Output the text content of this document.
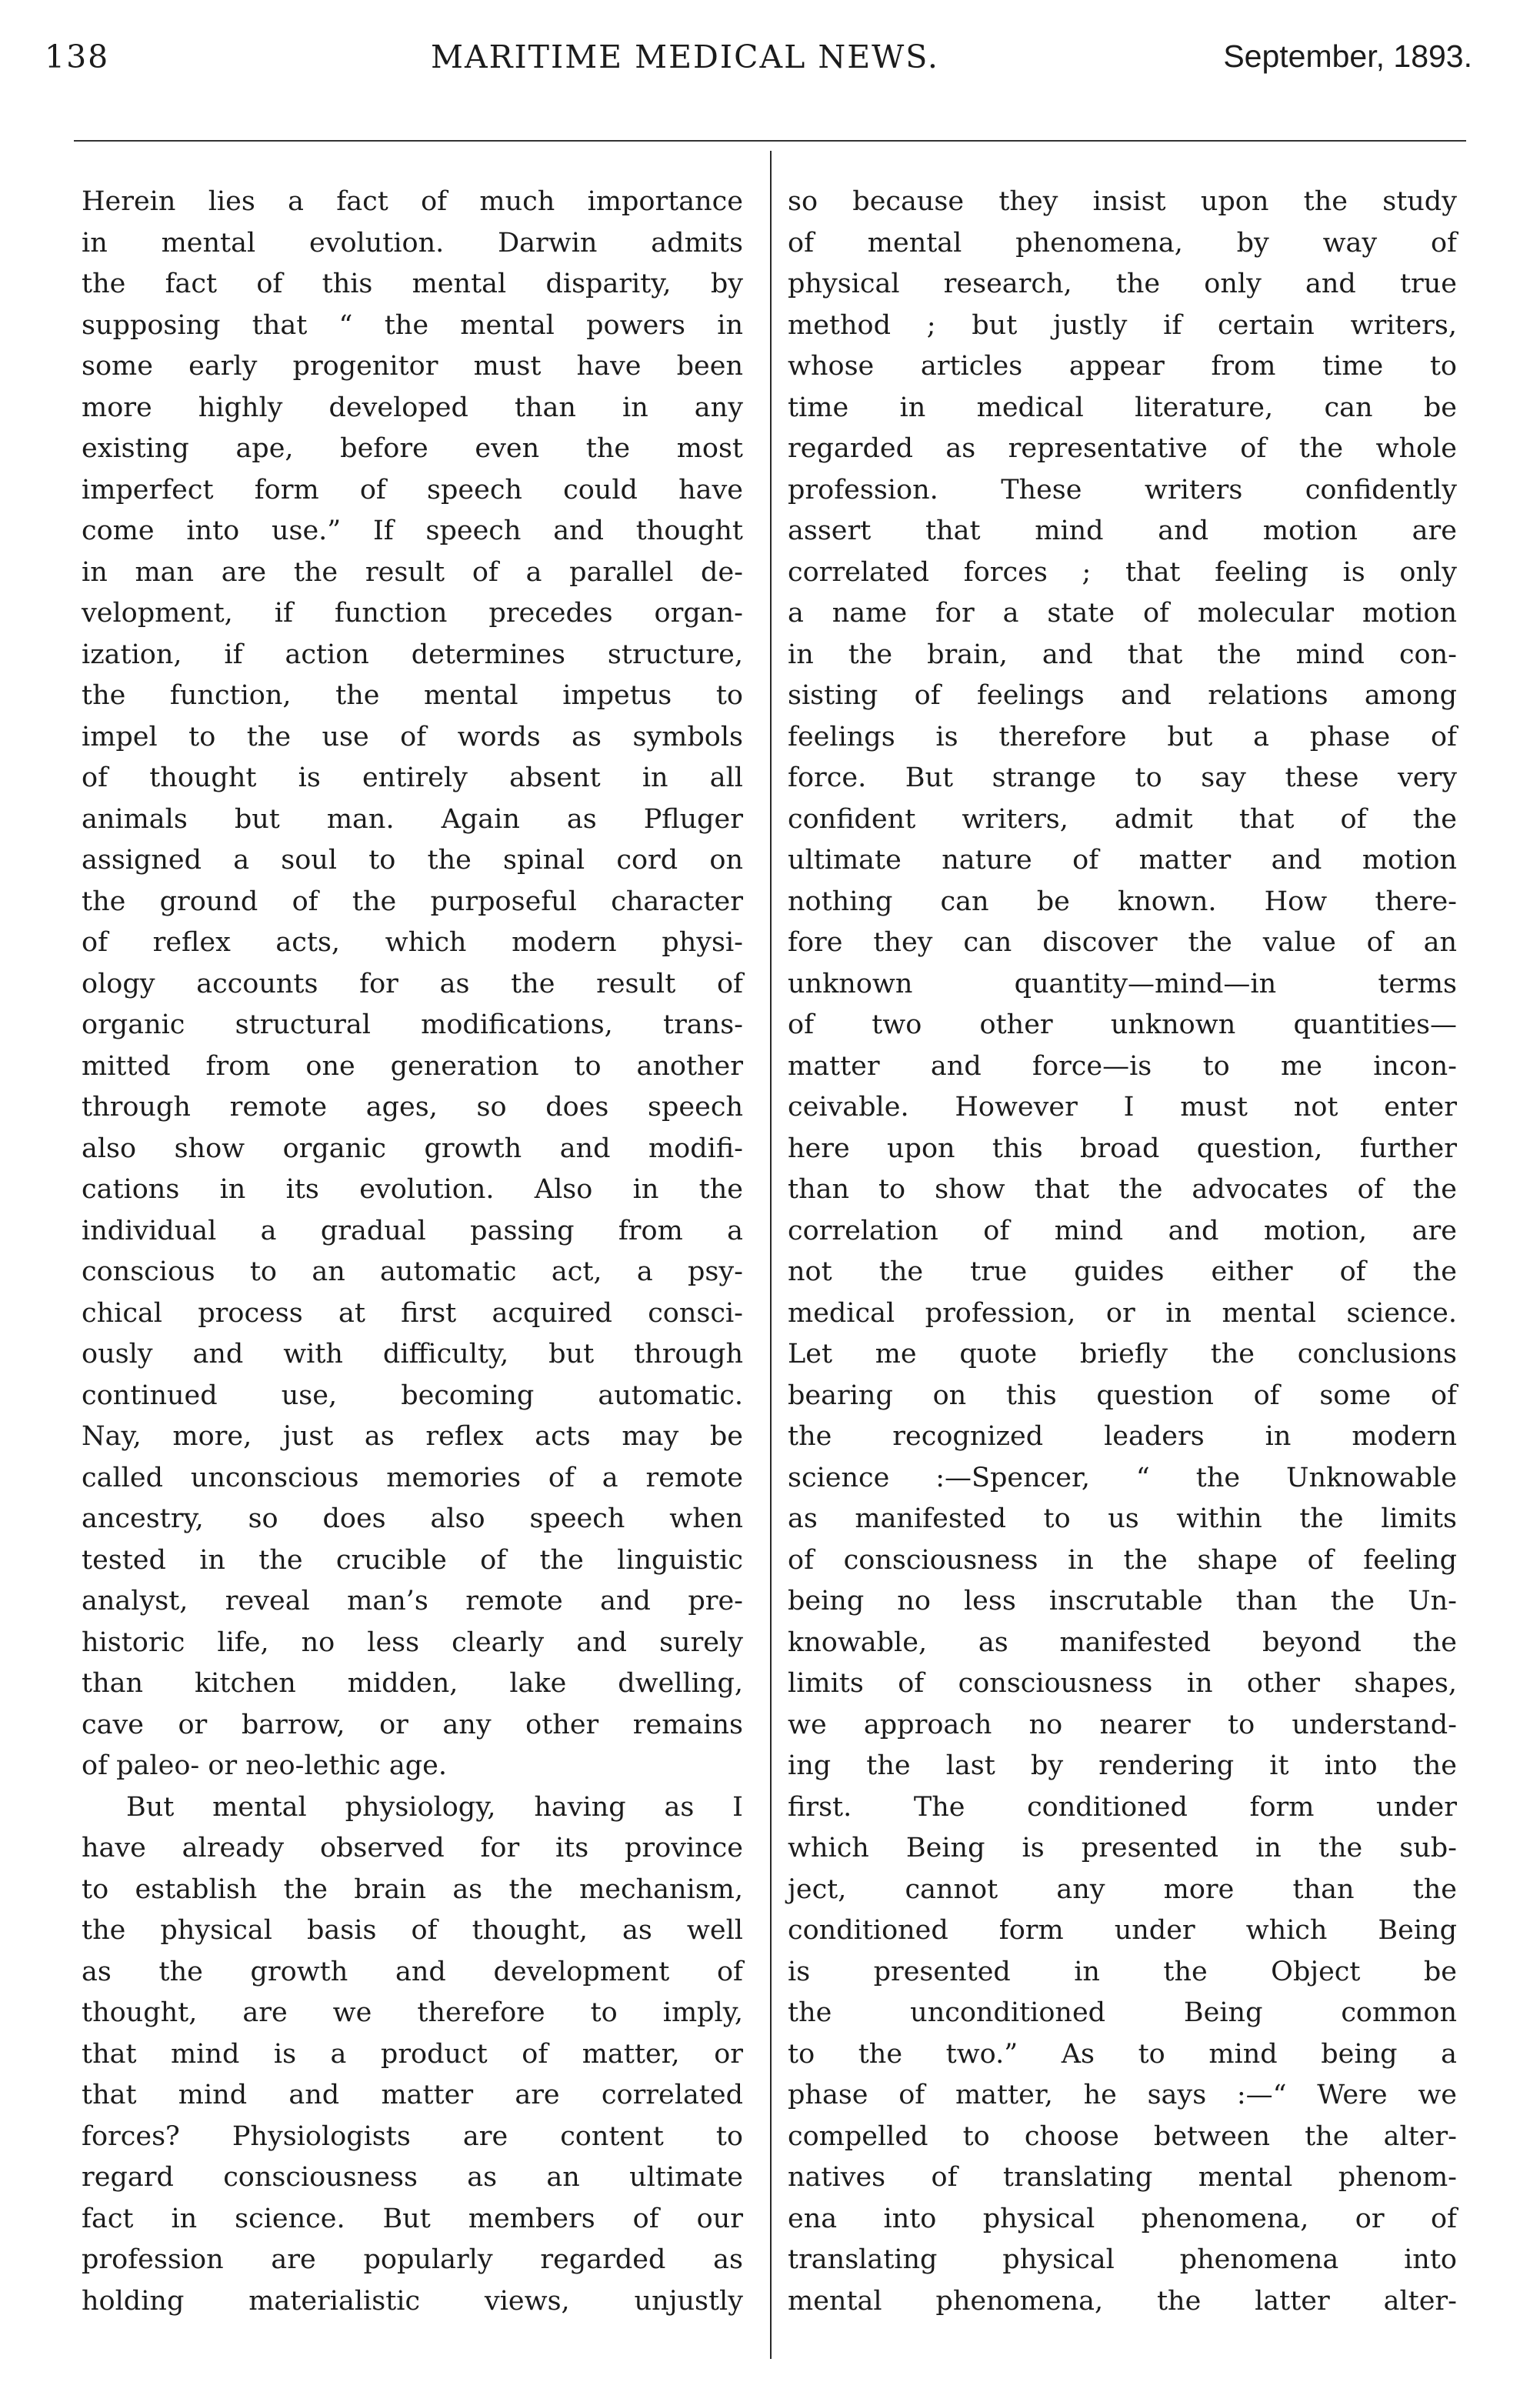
138	MARITIME MEDICAL NEWS.	September, 1893.
Herein lies a fact of much importance
in mental evolution. Darwin admits
the fact of this mental disparity, by
supposing that “ the mental powers in
some early progenitor must have been
more highly developed than in any
existing ape, before even the most
imperfect form of speech could have
come into use.” If speech and thought
in man are the result of a parallel de-
velopment, if function precedes organ-
ization, if action determines structure,
the function, the mental impetus to
impel to the use of words as symbols
of thought is entirely absent in all
animals but man. Again as Pfluger
assigned a soul to the spinal cord on
the ground of the purposeful character
of reflex acts, which modern physi-
ology accounts for as the result of
organic structural modifications, trans-
mitted from one generation to another
through remote ages, so does speech
also show organic growth and modifi-
cations in its evolution. Also in the
individual a gradual passing from a
conscious to an automatic act, a psy-
chical process at first acquired consci-
ously and with difficulty, but through
continued use, becoming automatic.
Nay, more, just as reflex acts may be
called unconscious memories of a remote
ancestry, so does also speech when
tested in the crucible of the linguistic
analyst, reveal man’s remote and pre-
historic life, no less clearly and surely
than kitchen midden, lake dwelling,
cave or barrow, or any other remains
of paleo- or neo-lethic age.
But mental physiology, having as I
have already observed for its province
to establish the brain as the mechanism,
the physical basis of thought, as well
as the growth and development of
thought, are we therefore to imply,
that mind is a product of matter, or
that mind and matter are correlated
forces? Physiologists are content to
regard consciousness as an ultimate
fact in science. But members of our
profession are popularly regarded as
holding materialistic views, unjustly
so because they insist upon the study
of mental phenomena, by way of
physical research, the only and true
method ; but justly if certain writers,
whose articles appear from time to
time in medical literature, can be
regarded as representative of the whole
profession. These writers confidently
assert that mind and motion are
correlated forces ; that feeling is only
a name for a state of molecular motion
in the brain, and that the mind con-
sisting of feelings and relations among
feelings is therefore but a phase of
force. But strange to say these very
confident writers, admit that of the
ultimate nature of matter and motion
nothing can be known. How there-
fore they can discover the value of an
unknown quantity—mind—in terms
of two other unknown quantities—
matter and force—is to me incon-
ceivable. However I must not enter
here upon this broad question, further
than to show that the advocates of the
correlation of mind and motion, are
not the true guides either of the
medical profession, or in mental science.
Let me quote briefly the conclusions
bearing on this question of some of
the recognized leaders in modern
science :—Spencer, “ the Unknowable
as manifested to us within the limits
of consciousness in the shape of feeling
being no less inscrutable than the Un-
knowable, as manifested beyond the
limits of consciousness in other shapes,
we approach no nearer to understand-
ing the last by rendering it into the
first. The conditioned form under
which Being is presented in the sub-
ject, cannot any more than the
conditioned form under which Being
is presented in the Object be
the unconditioned Being common
to the two.” As to mind being a
phase of matter, he says :—“ Were we
compelled to choose between the alter-
natives of translating mental phenom-
ena into physical phenomena, or of
translating physical phenomena into
mental phenomena, the latter alter-
